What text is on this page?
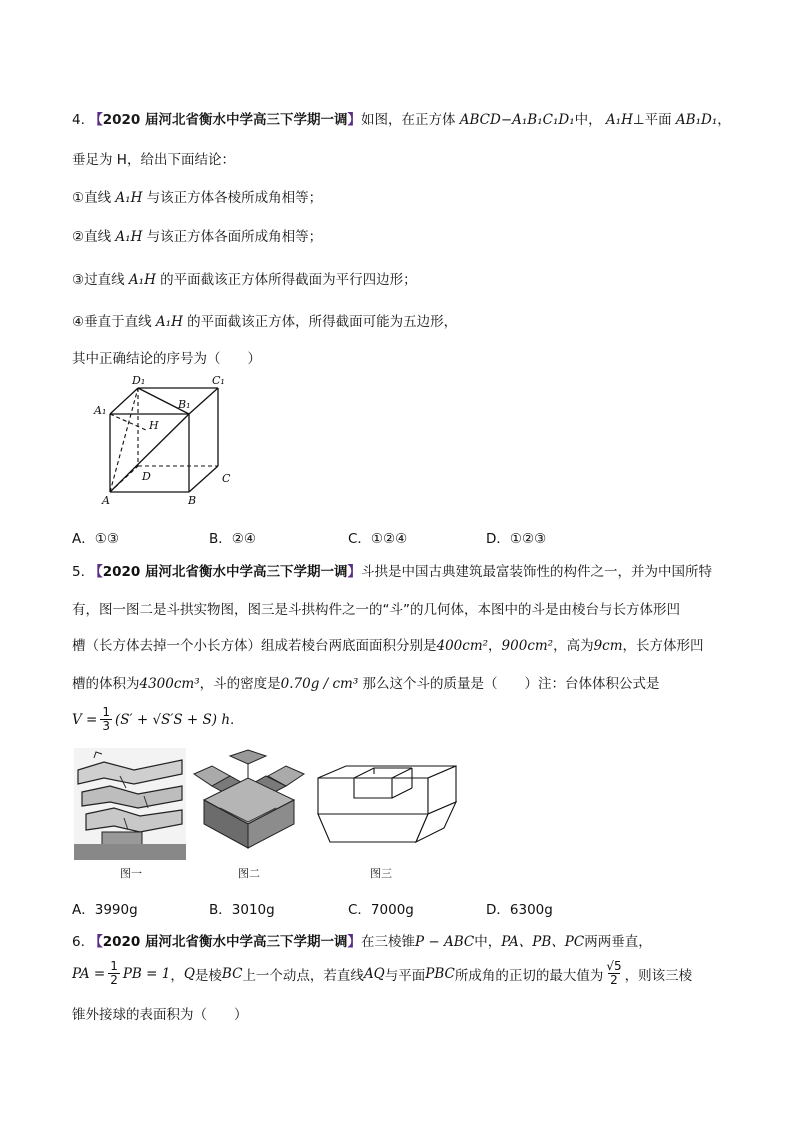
4. 【2020 届河北省衡水中学高三下学期一调】如图，在正方体 ABCD−A₁B₁C₁D₁中， A₁H⊥平面 AB₁D₁，
垂足为 H，给出下面结论：
①直线 A₁H 与该正方体各棱所成角相等；
②直线 A₁H 与该正方体各面所成角相等；
③过直线 A₁H 的平面截该正方体所得截面为平行四边形；
④垂直于直线 A₁H 的平面截该正方体，所得截面可能为五边形，
其中正确结论的序号为（　　）
D₁	C₁
A₁	B₁
H
D	C
A	B
A．①③	B．②④	C．①②④	D．①②③
5. 【2020 届河北省衡水中学高三下学期一调】斗拱是中国古典建筑最富装饰性的构件之一，并为中国所特
有，图一图二是斗拱实物图，图三是斗拱构件之一的“斗”的几何体，本图中的斗是由棱台与长方体形凹
槽（长方体去掉一个小长方体）组成若棱台两底面面积分别是400cm²，900cm²，高为9cm，长方体形凹
槽的体积为4300cm³，斗的密度是0.70g / cm³ 那么这个斗的质量是（　　）注：台体体积公式是
$V = \frac{1}{3} (S' + √S'S + S)$ h .
图一	图二	图三
A．3990g	B．3010g	C．7000g	D．6300g
6. 【2020 届河北省衡水中学高三下学期一调】在三棱锥P − ABC中，PA、PB、PC两两垂直，
PA = $\frac{1}{2}$ PB = 1 ， Q 是棱 BC 上一个动点，若直线 AQ 与平面 PBC 所成角的正切的最大值为
√5
2 ，则该三棱
锥外接球的表面积为（　　）
